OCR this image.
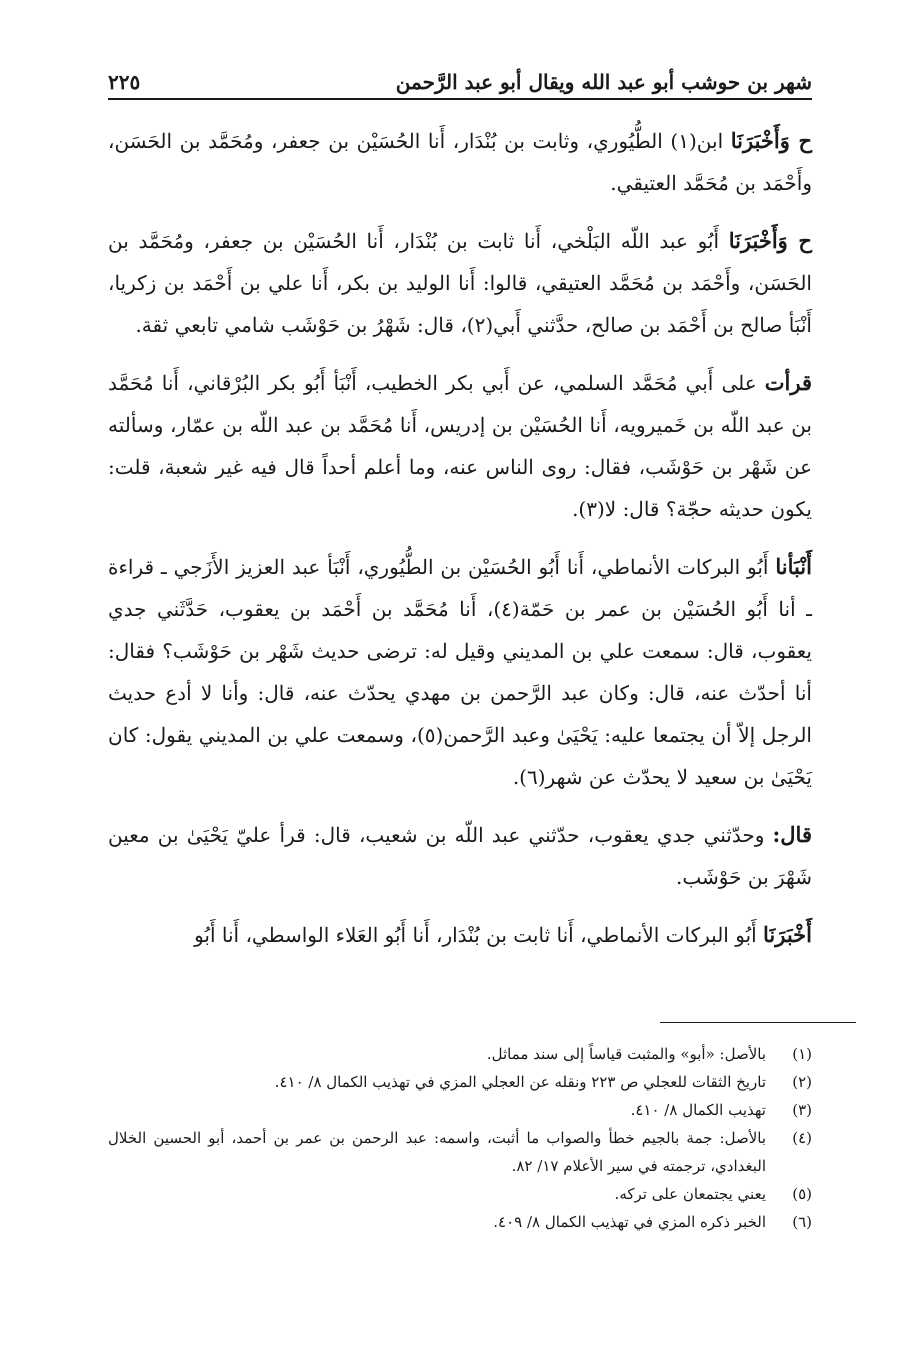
شهر بن حوشب أبو عبد الله ويقال أبو عبد الرَّحمن
٢٢٥

ح وَأَخْبَرَنَا ابن(١) الطُّيُوري، وثابت بن بُنْدَار، أَنا الحُسَيْن بن جعفر، ومُحَمَّد بن الحَسَن، وأَحْمَد بن مُحَمَّد العتيقي.

ح وَأَخْبَرَنَا أَبُو عبد اللّه البَلْخي، أَنا ثابت بن بُنْدَار، أَنا الحُسَيْن بن جعفر، ومُحَمَّد بن الحَسَن، وأَحْمَد بن مُحَمَّد العتيقي، قالوا: أَنا الوليد بن بكر، أَنا علي بن أَحْمَد بن زكريا، أَنْبَأ صالح بن أَحْمَد بن صالح، حدَّثني أَبي(٢)، قال: شَهْرُ بن حَوْشَب شامي تابعي ثقة.

قرأت على أَبي مُحَمَّد السلمي، عن أَبي بكر الخطيب، أَنْبَأ أَبُو بكر البُرْقاني، أَنا مُحَمَّد بن عبد اللّه بن خَميرويه، أَنا الحُسَيْن بن إدريس، أَنا مُحَمَّد بن عبد اللّه بن عمّار، وسألته عن شَهْر بن حَوْشَب، فقال: روى الناس عنه، وما أعلم أحداً قال فيه غير شعبة، قلت: يكون حديثه حجّة؟ قال: لا(٣).

أَنْبَأنا أَبُو البركات الأنماطي، أَنا أَبُو الحُسَيْن بن الطُّيُوري، أَنْبَأ عبد العزيز الأَزَجي ـ قراءة ـ أنا أَبُو الحُسَيْن بن عمر بن حَمّة(٤)، أَنا مُحَمَّد بن أَحْمَد بن يعقوب، حَدَّثَني جدي يعقوب، قال: سمعت علي بن المديني وقيل له: ترضى حديث شَهْر بن حَوْشَب؟ فقال: أنا أحدّث عنه، قال: وكان عبد الرَّحمن بن مهدي يحدّث عنه، قال: وأنا لا أدع حديث الرجل إلاّ أن يجتمعا عليه: يَحْيَىٰ وعبد الرَّحمن(٥)، وسمعت علي بن المديني يقول: كان يَحْيَىٰ بن سعيد لا يحدّث عن شهر(٦).

قال: وحدّثني جدي يعقوب، حدّثني عبد اللّه بن شعيب، قال: قرأ عليّ يَحْيَىٰ بن معين شَهْرَ بن حَوْشَب.

أَخْبَرَنَا أَبُو البركات الأنماطي، أَنا ثابت بن بُنْدَار، أَنا أَبُو العَلاء الواسطي، أَنا أَبُو

(١)
بالأصل: «أبو» والمثبت قياساً إلى سند مماثل.
(٢)
تاريخ الثقات للعجلي ص ٢٢٣ ونقله عن العجلي المزي في تهذيب الكمال ٨/ ٤١٠.
(٣)
تهذيب الكمال ٨/ ٤١٠.
(٤)
بالأصل: جمة بالجيم خطأ والصواب ما أثبت، واسمه: عبد الرحمن بن عمر بن أحمد، أبو الحسين الخلال البغدادي، ترجمته في سير الأعلام ١٧/ ٨٢.
(٥)
يعني يجتمعان على تركه.
(٦)
الخبر ذكره المزي في تهذيب الكمال ٨/ ٤٠٩.
